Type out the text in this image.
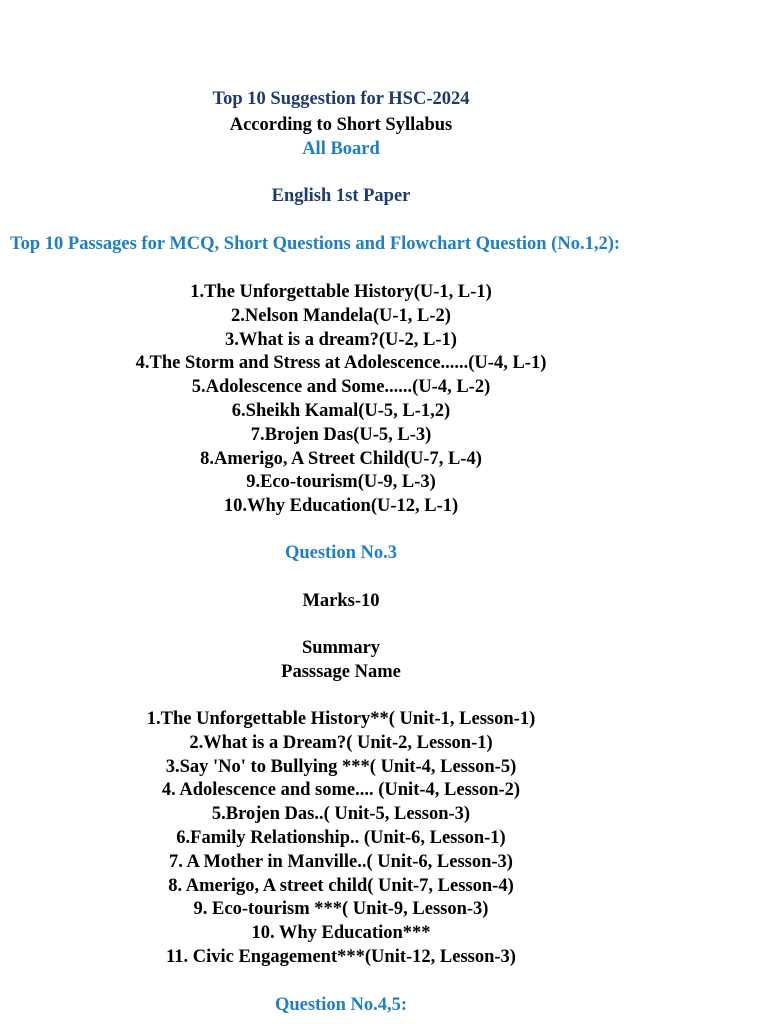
Top 10 Suggestion for HSC-2024
According to Short Syllabus
All Board
English 1st Paper
Top 10 Passages for MCQ, Short Questions and Flowchart Question (No.1,2):
1.The Unforgettable History(U-1, L-1)
2.Nelson Mandela(U-1, L-2)
3.What is a dream?(U-2, L-1)
4.The Storm and Stress at Adolescence......(U-4, L-1)
5.Adolescence and Some......(U-4, L-2)
6.Sheikh Kamal(U-5, L-1,2)
7.Brojen Das(U-5, L-3)
8.Amerigo, A Street Child(U-7, L-4)
9.Eco-tourism(U-9, L-3)
10.Why Education(U-12, L-1)
Question No.3
Marks-10
Summary
Passsage Name
1.The Unforgettable History**( Unit-1, Lesson-1)
2.What is a Dream?( Unit-2, Lesson-1)
3.Say 'No' to Bullying ***( Unit-4, Lesson-5)
4. Adolescence and some.... (Unit-4, Lesson-2)
5.Brojen Das..( Unit-5, Lesson-3)
6.Family Relationship.. (Unit-6, Lesson-1)
7. A Mother in Manville..( Unit-6, Lesson-3)
8. Amerigo, A street child( Unit-7, Lesson-4)
9. Eco-tourism ***( Unit-9, Lesson-3)
10. Why Education***
11. Civic Engagement***(Unit-12, Lesson-3)
Question No.4,5:
